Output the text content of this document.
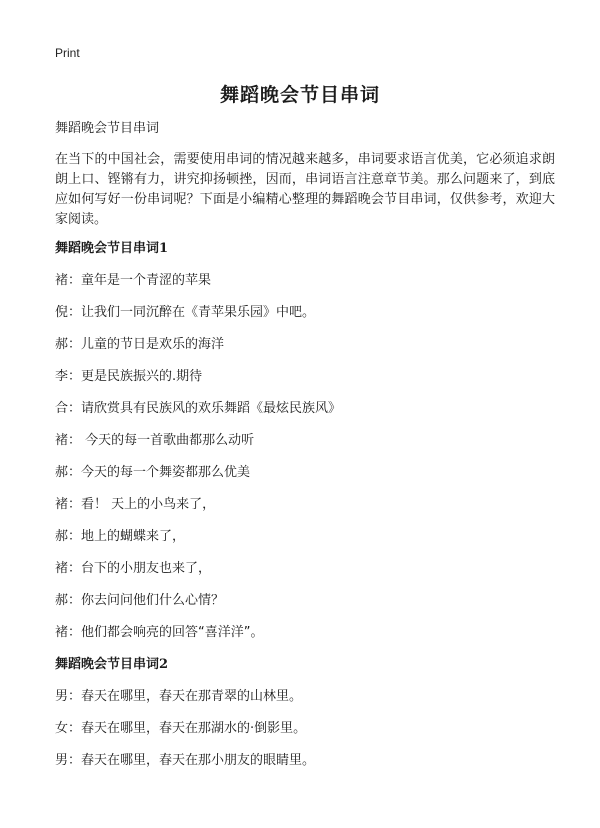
Print
舞蹈晚会节目串词

舞蹈晚会节目串词

在当下的中国社会，需要使用串词的情况越来越多，串词要求语言优美，它必须追求朗朗上口、铿锵有力，讲究抑扬顿挫，因而，串词语言注意章节美。那么问题来了，到底应如何写好一份串词呢？下面是小编精心整理的舞蹈晚会节目串词，仅供参考，欢迎大家阅读。

舞蹈晚会节目串词1

褚：童年是一个青涩的苹果

倪：让我们一同沉醉在《青苹果乐园》中吧。

郝：儿童的节日是欢乐的海洋

李：更是民族振兴的.期待

合：请欣赏具有民族风的欢乐舞蹈《最炫民族风》

褚： 今天的每一首歌曲都那么动听

郝：今天的每一个舞姿都那么优美

褚：看！ 天上的小鸟来了，

郝：地上的蝴蝶来了，

褚：台下的小朋友也来了，

郝：你去问问他们什么心情？

褚：他们都会响亮的回答“喜洋洋”。

舞蹈晚会节目串词2

男：春天在哪里，春天在那青翠的山林里。

女：春天在哪里，春天在那湖水的·倒影里。

男：春天在哪里，春天在那小朋友的眼睛里。
